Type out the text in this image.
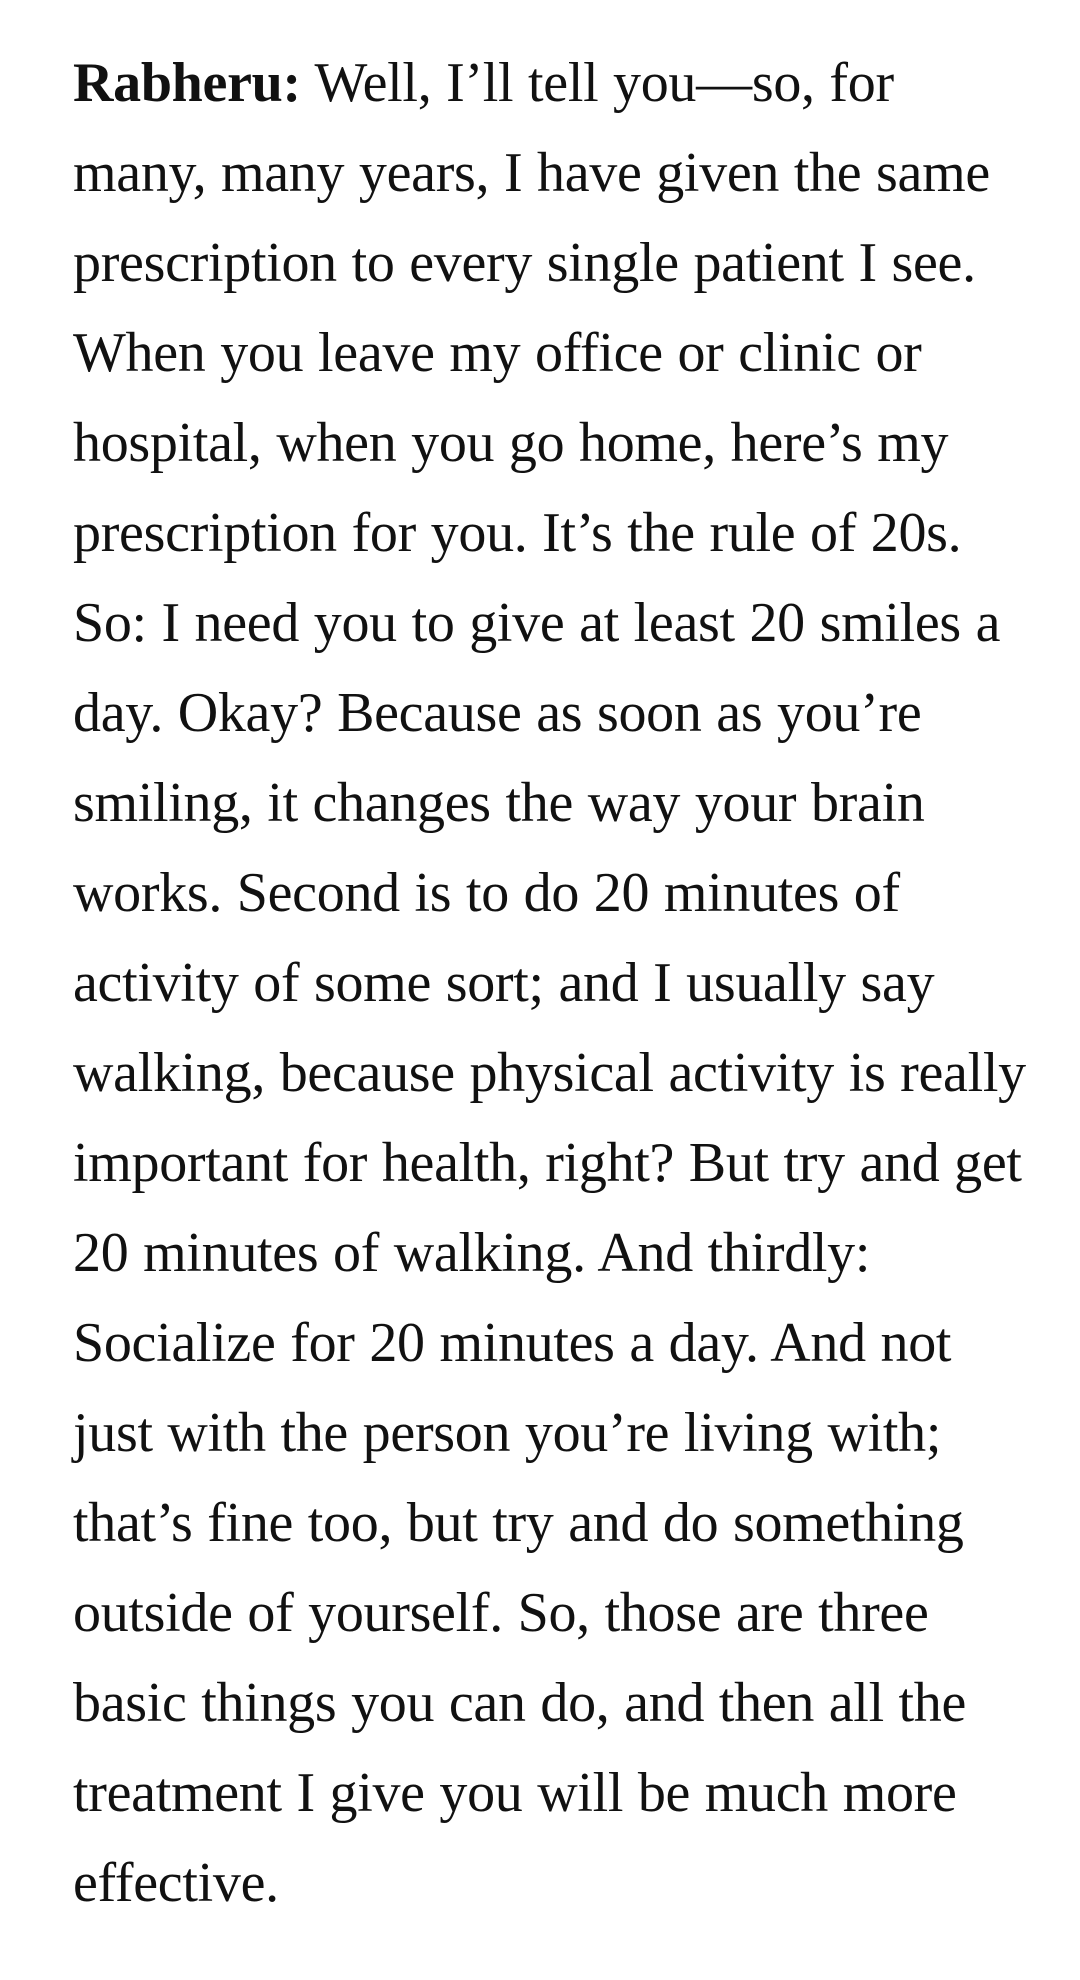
Rabheru: Well, I’ll tell you—so, for many, many years, I have given the same prescription to every single patient I see. When you leave my office or clinic or hospital, when you go home, here’s my prescription for you. It’s the rule of 20s. So: I need you to give at least 20 smiles a day. Okay? Because as soon as you’re smiling, it changes the way your brain works. Second is to do 20 minutes of activity of some sort; and I usually say walking, because physical activity is really important for health, right? But try and get 20 minutes of walking. And thirdly: Socialize for 20 minutes a day. And not just with the person you’re living with; that’s fine too, but try and do something outside of yourself. So, those are three basic things you can do, and then all the treatment I give you will be much more effective.
